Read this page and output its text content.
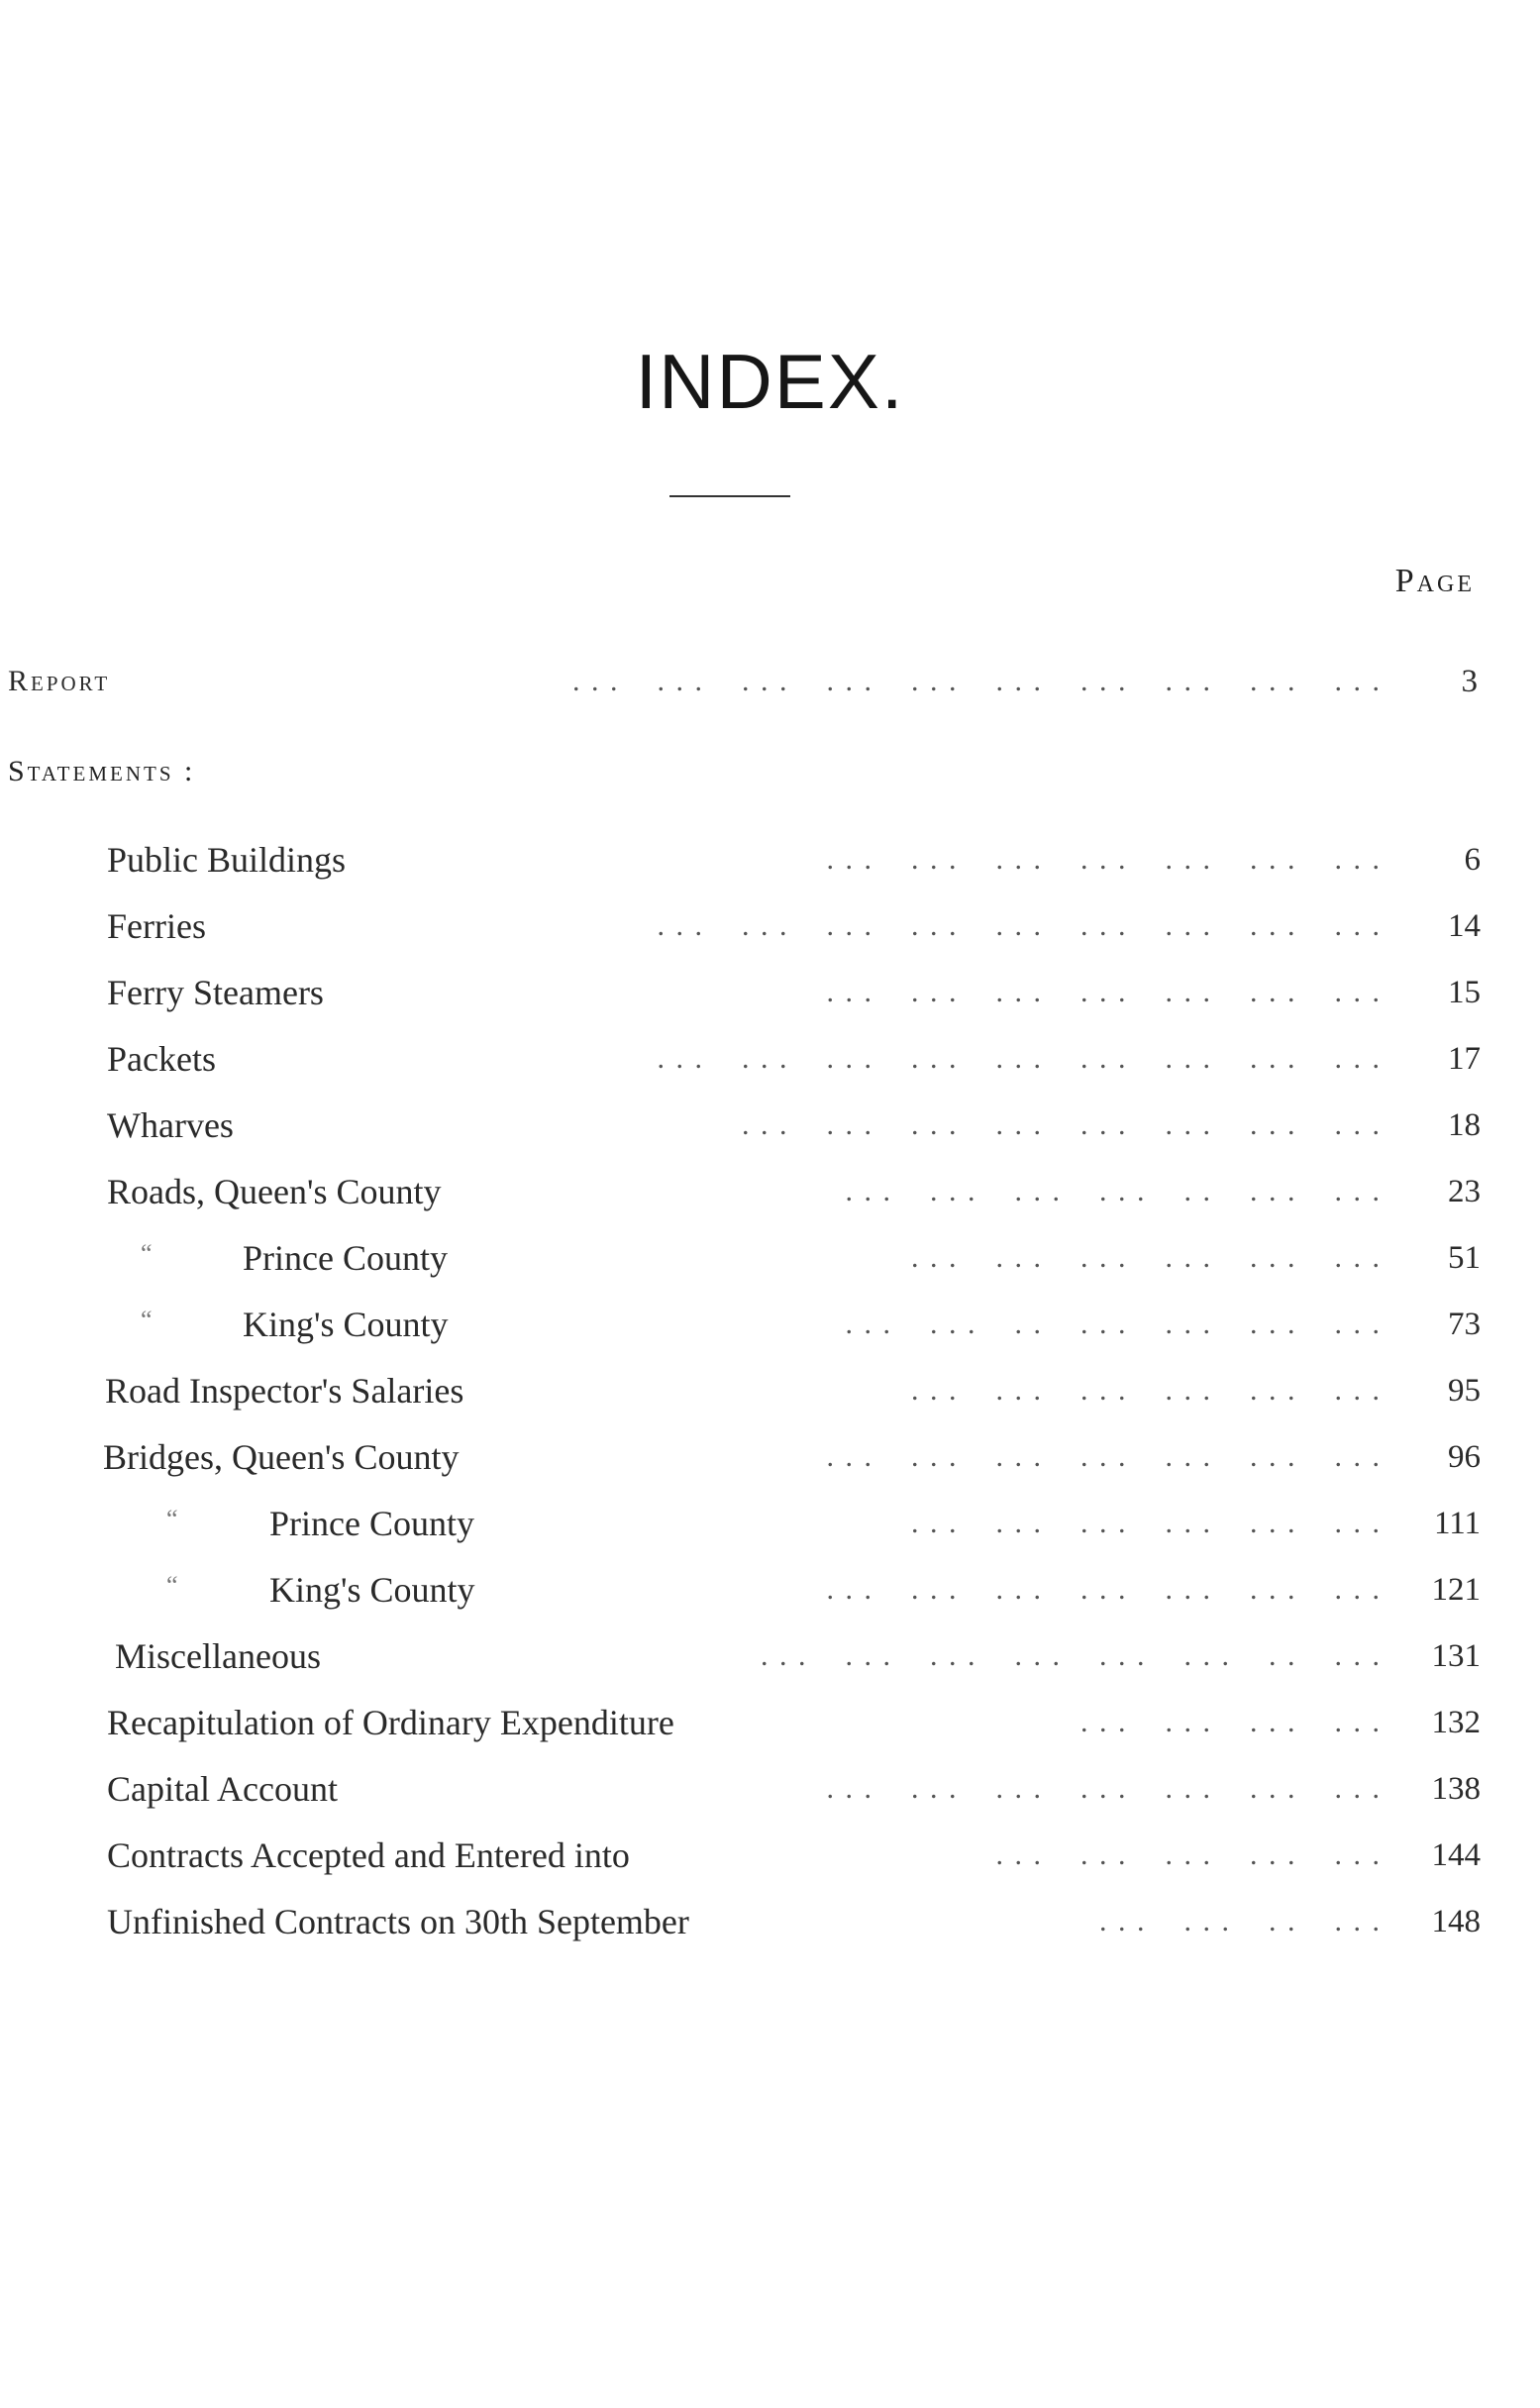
INDEX.
Page
Report	. . .    . . .    . . .    . . .    . . .    . . .    . . .    . . .    . . .    . . .	3
Statements :
Public Buildings	. . .    . . .    . . .    . . .    . . .    . . .    . . .	6
Ferries	. . .    . . .    . . .    . . .    . . .    . . .    . . .    . . .    . . .	14
Ferry Steamers	. . .    . . .    . . .    . . .    . . .    . . .    . . .	15
Packets	. . .    . . .    . . .    . . .    . . .    . . .    . . .    . . .    . . .	17
Wharves	. . .    . . .    . . .    . . .    . . .    . . .    . . .    . . .	18
Roads, Queen's County	. . .    . . .    . . .    . . .    . .    . . .    . . .	23
“	Prince County	. . .    . . .    . . .    . . .    . . .    . . .	51
“	King's County	. . .    . . .    . .    . . .    . . .    . . .    . . .	73
Road Inspector's Salaries	. . .    . . .    . . .    . . .    . . .    . . .	95
Bridges, Queen's County	. . .    . . .    . . .    . . .    . . .    . . .    . . .	96
“	Prince County	. . .    . . .    . . .    . . .    . . .    . . .	111
“	King's County	. . .    . . .    . . .    . . .    . . .    . . .    . . .	121
Miscellaneous	. . .    . . .    . . .    . . .    . . .    . . .    . .    . . .	131
Recapitulation of Ordinary Expenditure	. . .    . . .    . . .    . . .	132
Capital Account	. . .    . . .    . . .    . . .    . . .    . . .    . . .	138
Contracts Accepted and Entered into	. . .    . . .    . . .    . . .    . . .	144
Unfinished Contracts on 30th September	. . .    . . .    . .    . . .	148
